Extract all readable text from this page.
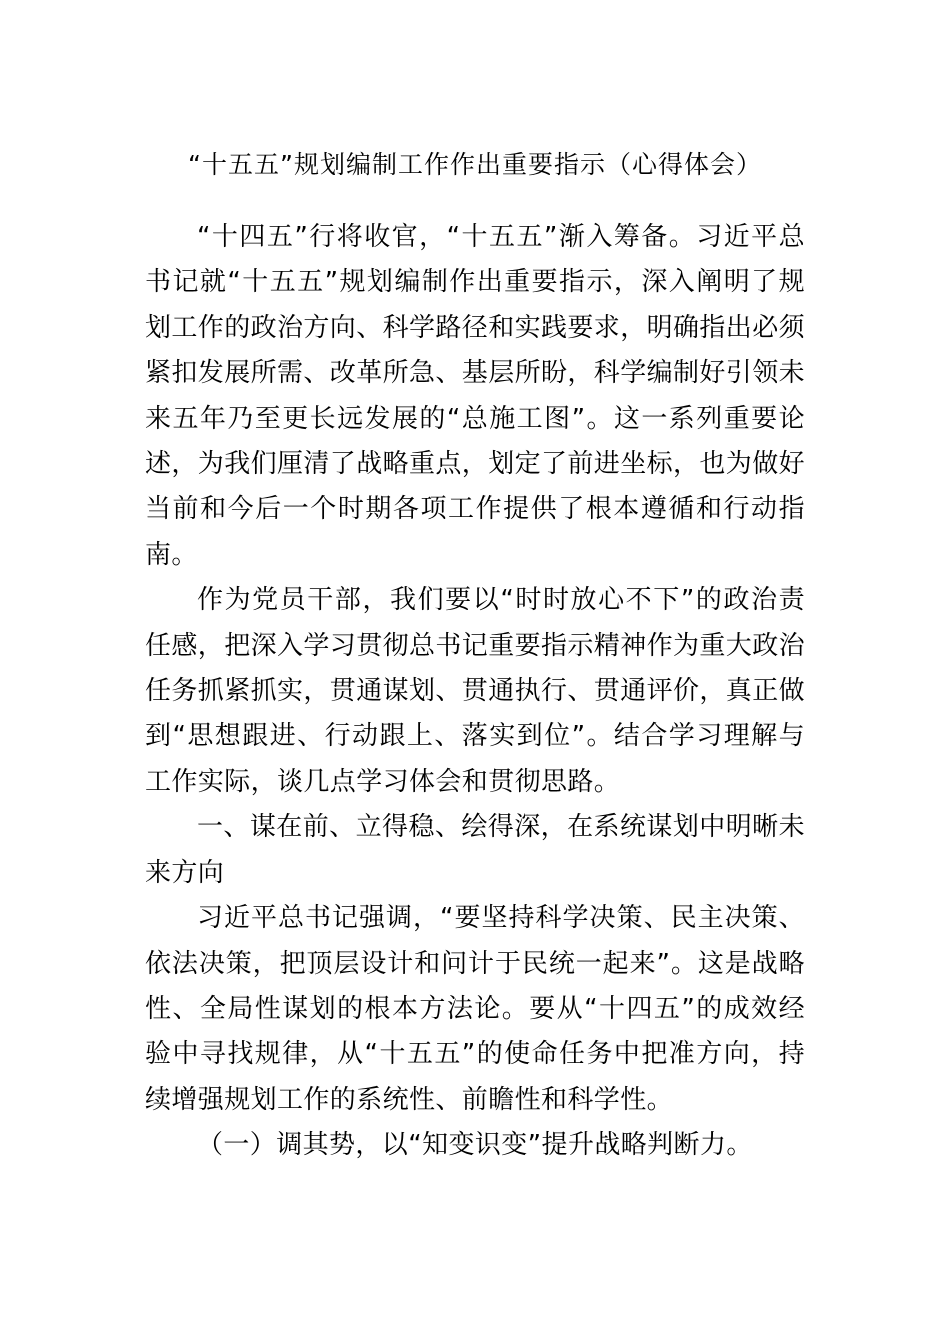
“十五五”规划编制工作作出重要指示（心得体会）

“十四五”行将收官，“十五五”渐入筹备。习近平总书记就“十五五”规划编制作出重要指示，深入阐明了规划工作的政治方向、科学路径和实践要求，明确指出必须紧扣发展所需、改革所急、基层所盼，科学编制好引领未来五年乃至更长远发展的“总施工图”。这一系列重要论述，为我们厘清了战略重点，划定了前进坐标，也为做好当前和今后一个时期各项工作提供了根本遵循和行动指南。

作为党员干部，我们要以“时时放心不下”的政治责任感，把深入学习贯彻总书记重要指示精神作为重大政治任务抓紧抓实，贯通谋划、贯通执行、贯通评价，真正做到“思想跟进、行动跟上、落实到位”。结合学习理解与工作实际，谈几点学习体会和贯彻思路。

一、谋在前、立得稳、绘得深，在系统谋划中明晰未来方向

习近平总书记强调，“要坚持科学决策、民主决策、依法决策，把顶层设计和问计于民统一起来”。这是战略性、全局性谋划的根本方法论。要从“十四五”的成效经验中寻找规律，从“十五五”的使命任务中把准方向，持续增强规划工作的系统性、前瞻性和科学性。

（一）调其势，以“知变识变”提升战略判断力。
